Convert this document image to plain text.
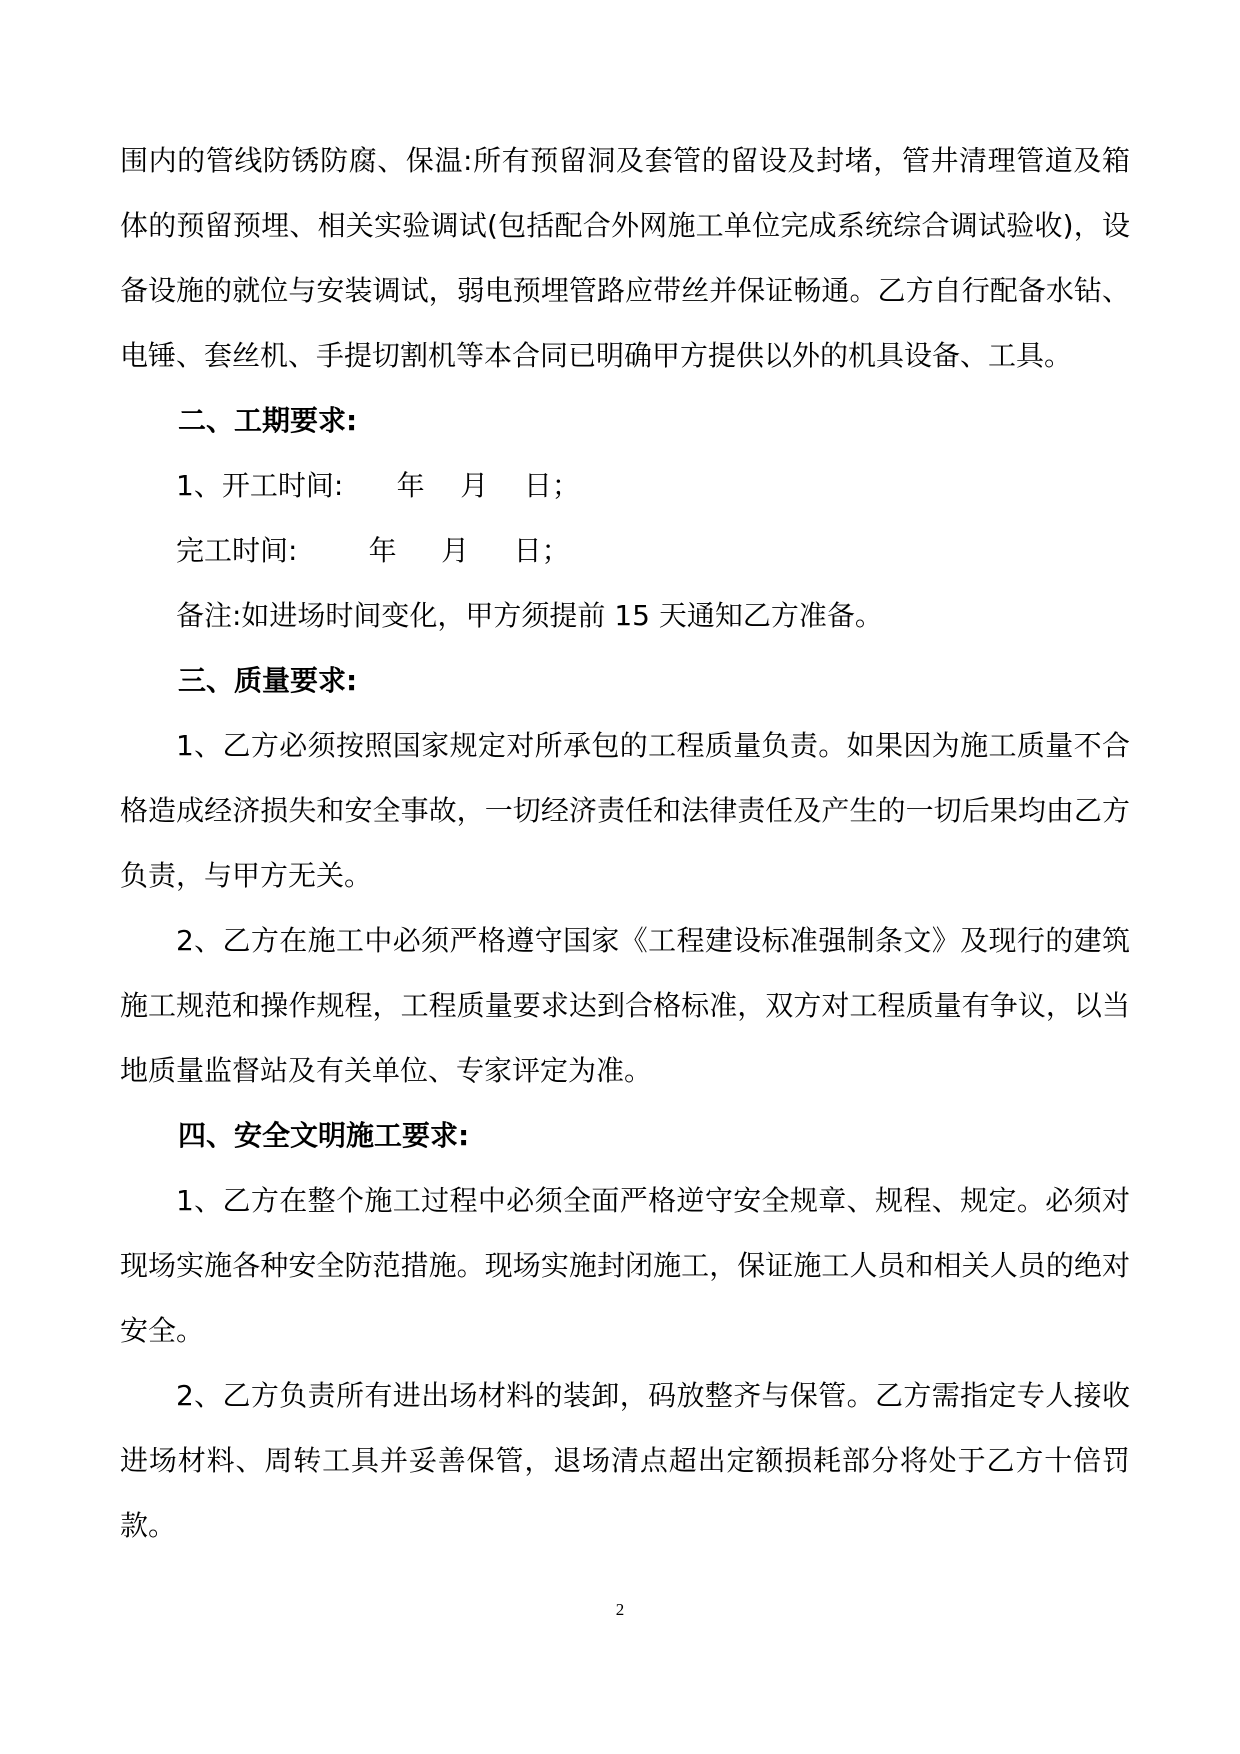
围内的管线防锈防腐、保温:所有预留洞及套管的留设及封堵，管井清理管道及箱体的预留预埋、相关实验调试(包括配合外网施工单位完成系统综合调试验收)，设备设施的就位与安装调试，弱电预埋管路应带丝并保证畅通。乙方自行配备水钻、电锤、套丝机、手提切割机等本合同已明确甲方提供以外的机具设备、工具。

二、工期要求:

1、开工时间:      年    月    日；

完工时间:        年     月     日；

备注:如进场时间变化，甲方须提前 15 天通知乙方准备。

三、质量要求:

1、乙方必须按照国家规定对所承包的工程质量负责。如果因为施工质量不合格造成经济损失和安全事故，一切经济责任和法律责任及产生的一切后果均由乙方负责，与甲方无关。

2、乙方在施工中必须严格遵守国家《工程建设标准强制条文》及现行的建筑施工规范和操作规程，工程质量要求达到合格标准，双方对工程质量有争议，以当地质量监督站及有关单位、专家评定为准。

四、安全文明施工要求:

1、乙方在整个施工过程中必须全面严格逆守安全规章、规程、规定。必须对现场实施各种安全防范措施。现场实施封闭施工，保证施工人员和相关人员的绝对安全。

2、乙方负责所有进出场材料的装卸，码放整齐与保管。乙方需指定专人接收进场材料、周转工具并妥善保管，退场清点超出定额损耗部分将处于乙方十倍罚款。

2
